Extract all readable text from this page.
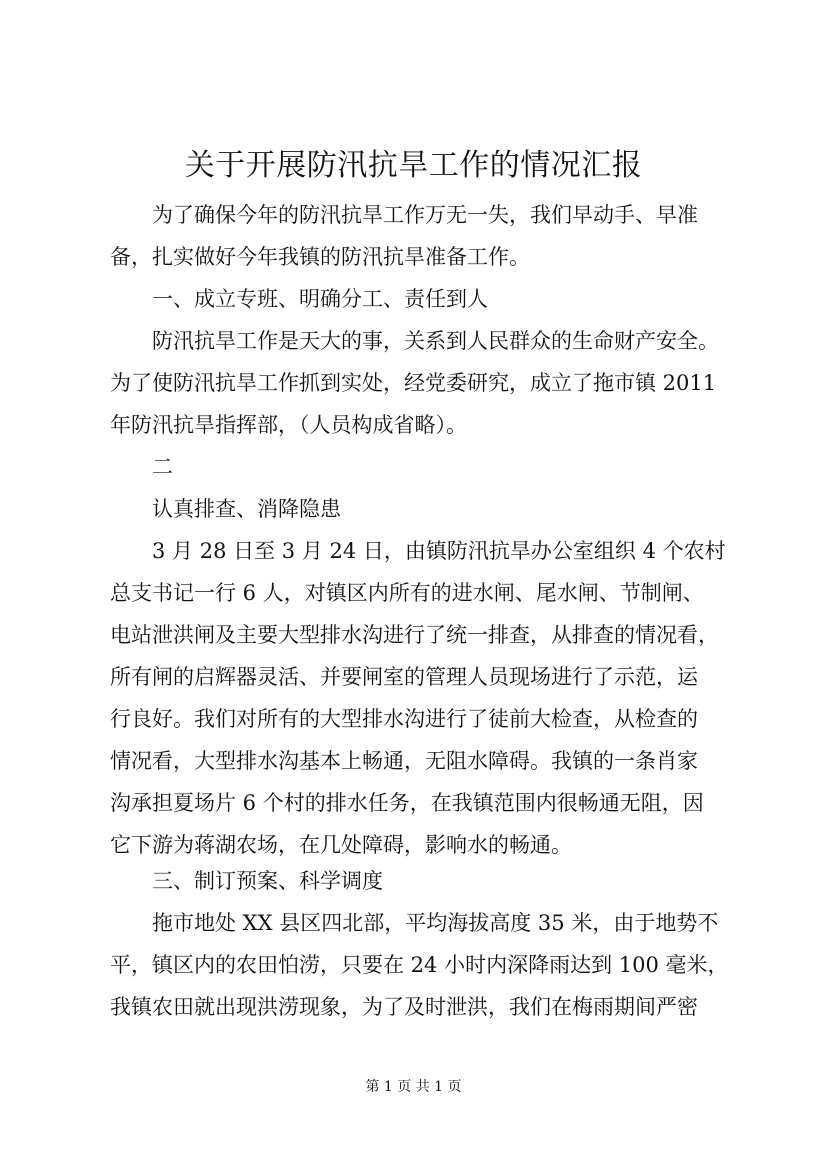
关于开展防汛抗旱工作的情况汇报

为了确保今年的防汛抗旱工作万无一失，我们早动手、早准

备，扎实做好今年我镇的防汛抗旱准备工作。

一、成立专班、明确分工、责任到人

防汛抗旱工作是天大的事，关系到人民群众的生命财产安全。

为了使防汛抗旱工作抓到实处，经党委研究，成立了拖市镇 2011

年防汛抗旱指挥部，（人员构成省略）。

二

认真排查、消降隐患

3 月 28 日至 3 月 24 日，由镇防汛抗旱办公室组织 4 个农村

总支书记一行 6 人，对镇区内所有的进水闸、尾水闸、节制闸、

电站泄洪闸及主要大型排水沟进行了统一排查，从排查的情况看，

所有闸的启辉器灵活、并要闸室的管理人员现场进行了示范，运

行良好。我们对所有的大型排水沟进行了徒前大检查，从检查的

情况看，大型排水沟基本上畅通，无阻水障碍。我镇的一条肖家

沟承担夏场片 6 个村的排水任务，在我镇范围内很畅通无阻，因

它下游为蒋湖农场，在几处障碍，影响水的畅通。

三、制订预案、科学调度

拖市地处 XX 县区四北部，平均海拔高度 35 米，由于地势不

平，镇区内的农田怕涝，只要在 24 小时内深降雨达到 100 毫米，

我镇农田就出现洪涝现象，为了及时泄洪，我们在梅雨期间严密

第 1 页 共 1 页
